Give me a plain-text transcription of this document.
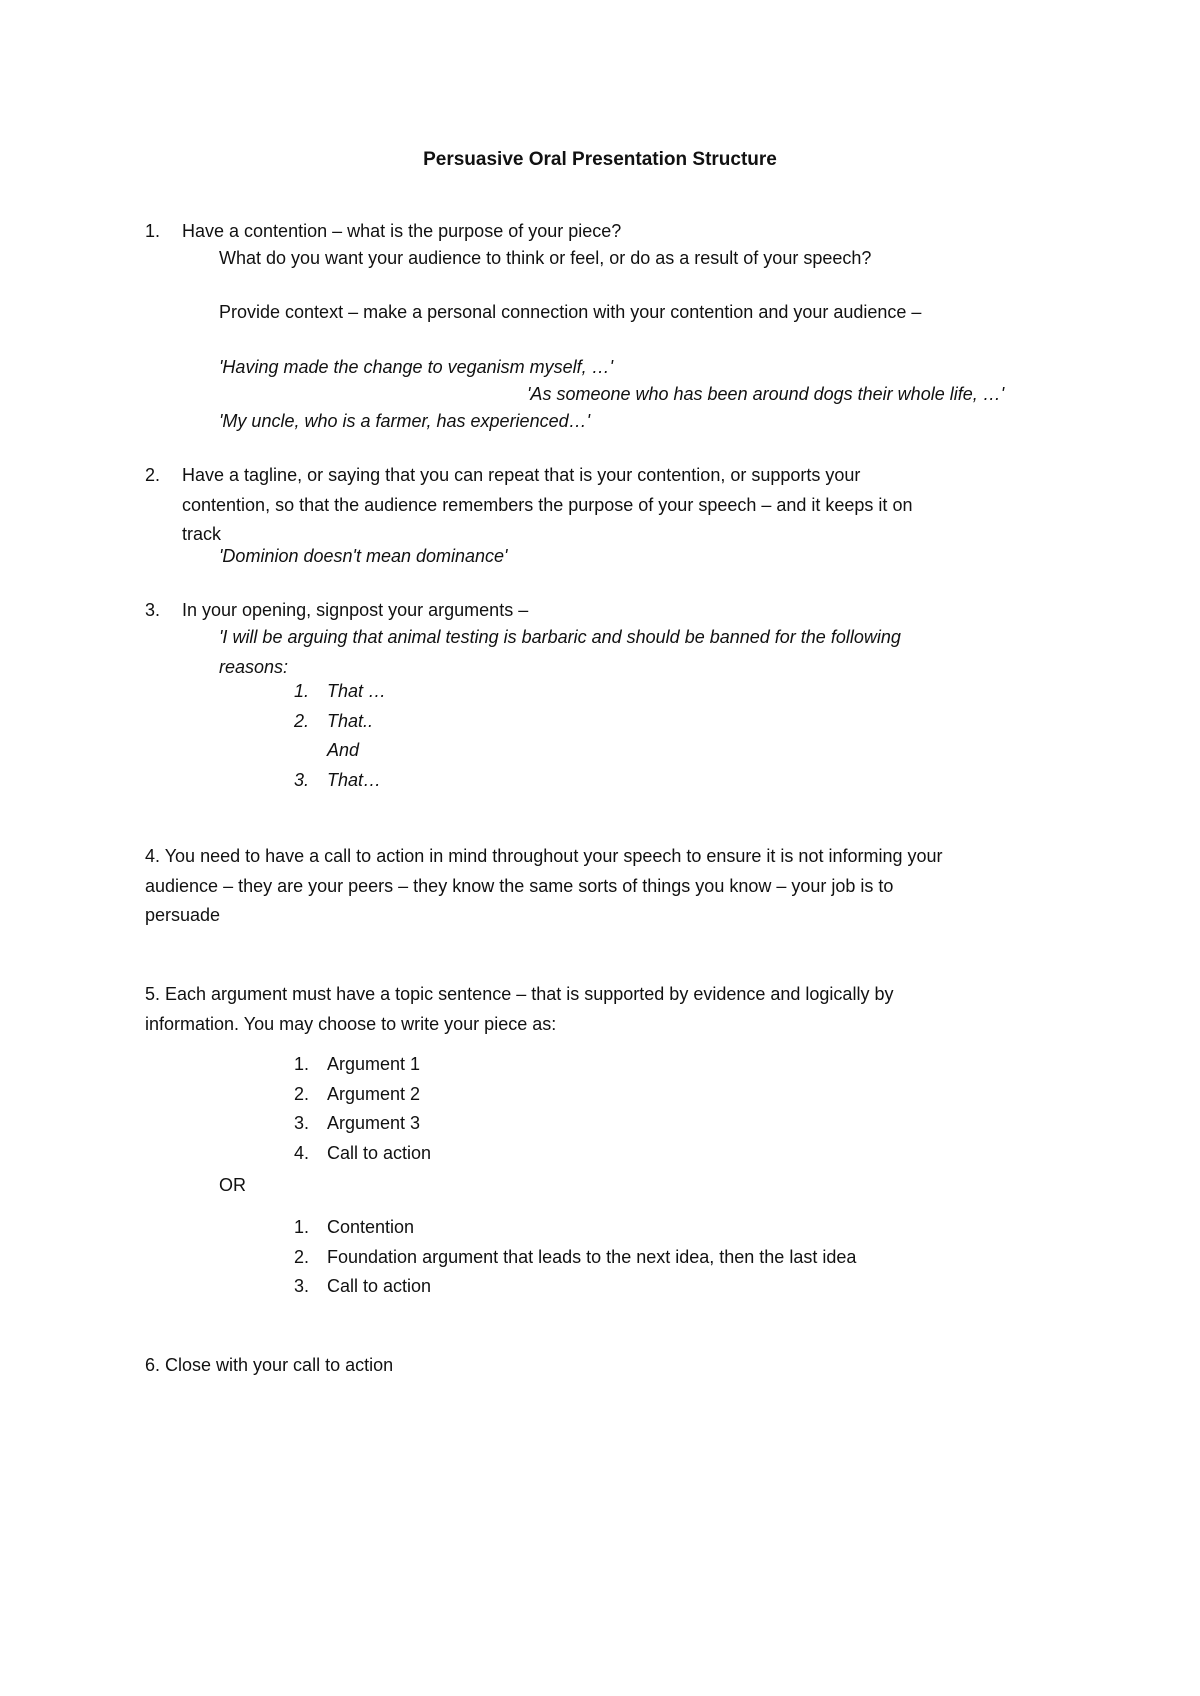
Persuasive Oral Presentation Structure
1. Have a contention – what is the purpose of your piece?
What do you want your audience to think or feel, or do as a result of your speech?
Provide context – make a personal connection with your contention and your audience –
'Having made the change to veganism myself, …'
'As someone who has been around dogs their whole life, …'
'My uncle, who is a farmer, has experienced…'
2. Have a tagline, or saying that you can repeat that is your contention, or supports your
contention, so that the audience remembers the purpose of your speech – and it keeps it on
track
'Dominion doesn't mean dominance'
3. In your opening, signpost your arguments –
'I will be arguing that animal testing is barbaric and should be banned for the following
reasons:
1. That …
2. That..
And
3. That…
4. You need to have a call to action in mind throughout your speech to ensure it is not informing your
audience – they are your peers – they know the same sorts of things you know – your job is to
persuade
5. Each argument must have a topic sentence – that is supported by evidence and logically by
information. You may choose to write your piece as:
1. Argument 1
2. Argument 2
3. Argument 3
4. Call to action
OR
1. Contention
2. Foundation argument that leads to the next idea, then the last idea
3. Call to action
6. Close with your call to action
